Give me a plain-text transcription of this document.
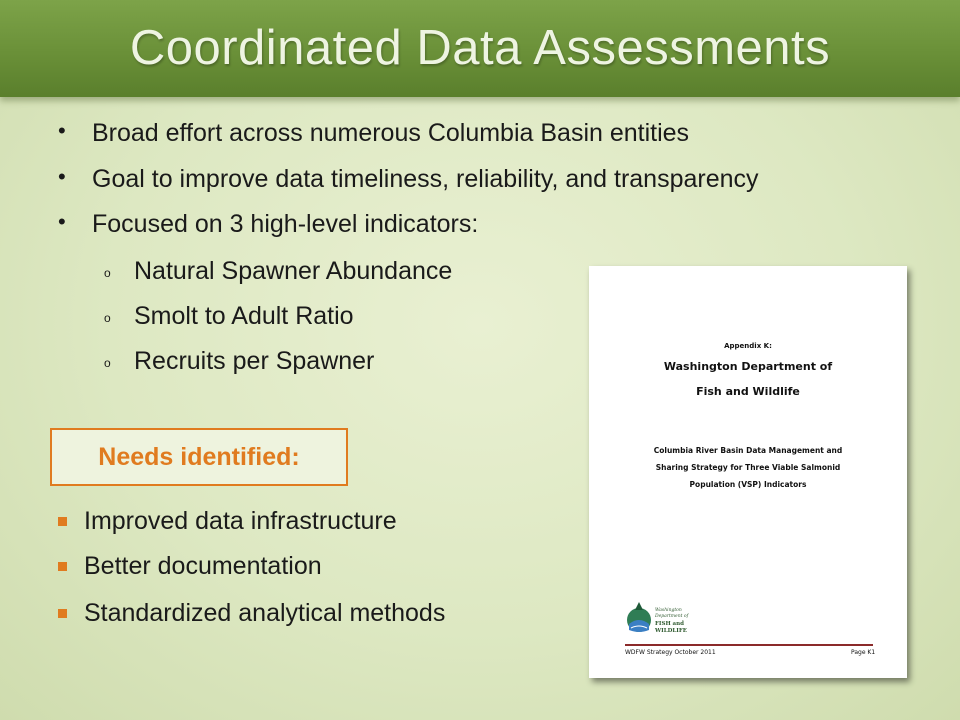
Coordinated Data Assessments
• Broad effort across numerous Columbia Basin entities
• Goal to improve data timeliness, reliability, and transparency
• Focused on 3 high-level indicators:
o Natural Spawner Abundance
o Smolt to Adult Ratio
o Recruits per Spawner
Needs identified:
Improved data infrastructure
Better documentation
Standardized analytical methods
Appendix K:
Washington Department of
Fish and Wildlife
Columbia River Basin Data Management and
Sharing Strategy for Three Viable Salmonid
Population (VSP) Indicators
Washington
Department of
FISH and
WILDLIFE
WDFW Strategy October 2011	Page K1
